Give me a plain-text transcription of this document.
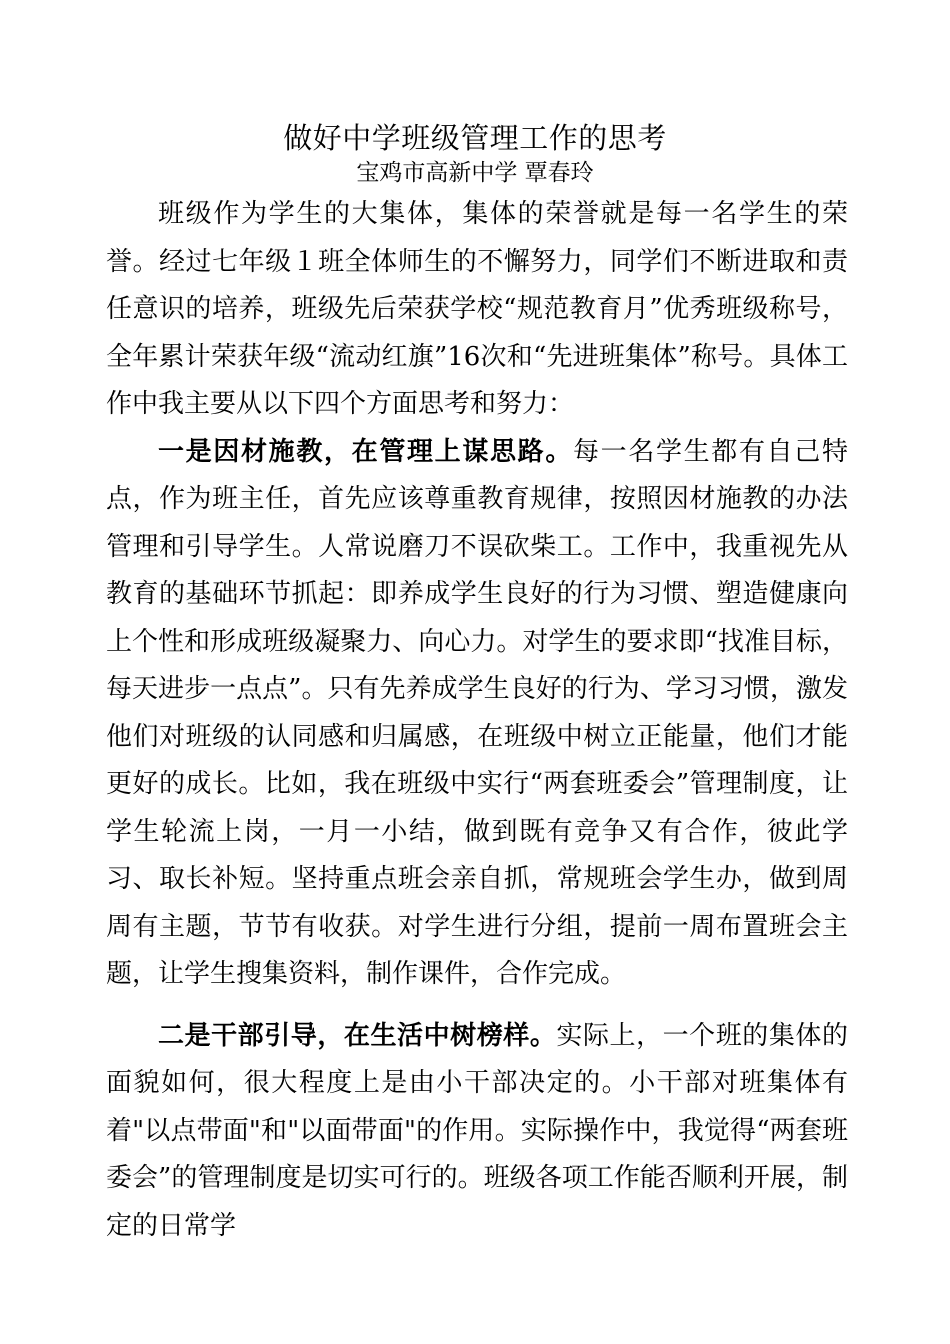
做好中学班级管理工作的思考

宝鸡市高新中学 覃春玲

班级作为学生的大集体，集体的荣誉就是每一名学生的荣誉。经过七年级１班全体师生的不懈努力，同学们不断进取和责任意识的培养，班级先后荣获学校“规范教育月”优秀班级称号，全年累计荣获年级“流动红旗”16次和“先进班集体”称号。具体工作中我主要从以下四个方面思考和努力：

一是因材施教，在管理上谋思路。每一名学生都有自己特点，作为班主任，首先应该尊重教育规律，按照因材施教的办法管理和引导学生。人常说磨刀不误砍柴工。工作中，我重视先从教育的基础环节抓起：即养成学生良好的行为习惯、塑造健康向上个性和形成班级凝聚力、向心力。对学生的要求即“找准目标，每天进步一点点”。只有先养成学生良好的行为、学习习惯，激发他们对班级的认同感和归属感，在班级中树立正能量，他们才能更好的成长。比如，我在班级中实行“两套班委会”管理制度，让学生轮流上岗，一月一小结，做到既有竞争又有合作，彼此学习、取长补短。坚持重点班会亲自抓，常规班会学生办，做到周周有主题，节节有收获。对学生进行分组，提前一周布置班会主题，让学生搜集资料，制作课件，合作完成。

二是干部引导，在生活中树榜样。实际上，一个班的集体的面貌如何，很大程度上是由小干部决定的。小干部对班集体有着"以点带面"和"以面带面"的作用。实际操作中，我觉得“两套班委会”的管理制度是切实可行的。班级各项工作能否顺利开展，制定的日常学
